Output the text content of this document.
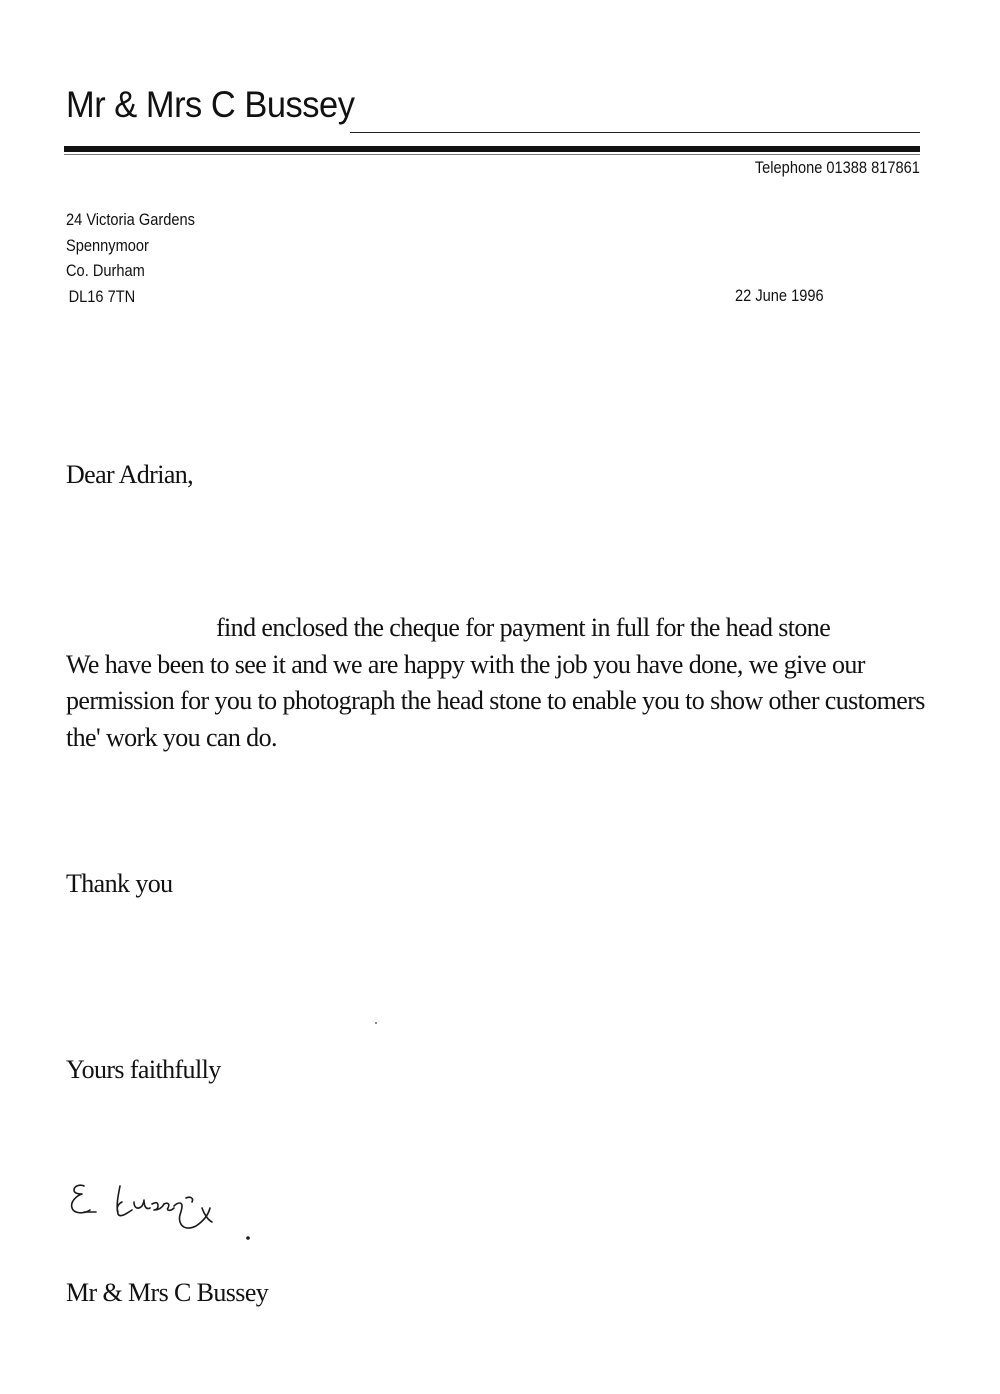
Mr & Mrs C Bussey
Telephone 01388 817861
24 Victoria Gardens
Spennymoor
Co. Durham
DL16 7TN	22 June 1996
Dear Adrian,
find enclosed the cheque for payment in full for the head stone
We have been to see it and we are happy with the job you have done, we give our
permission for you to photograph the head stone to enable you to show other customers
the' work you can do.
Thank you
Yours faithfully
Mr & Mrs C Bussey
